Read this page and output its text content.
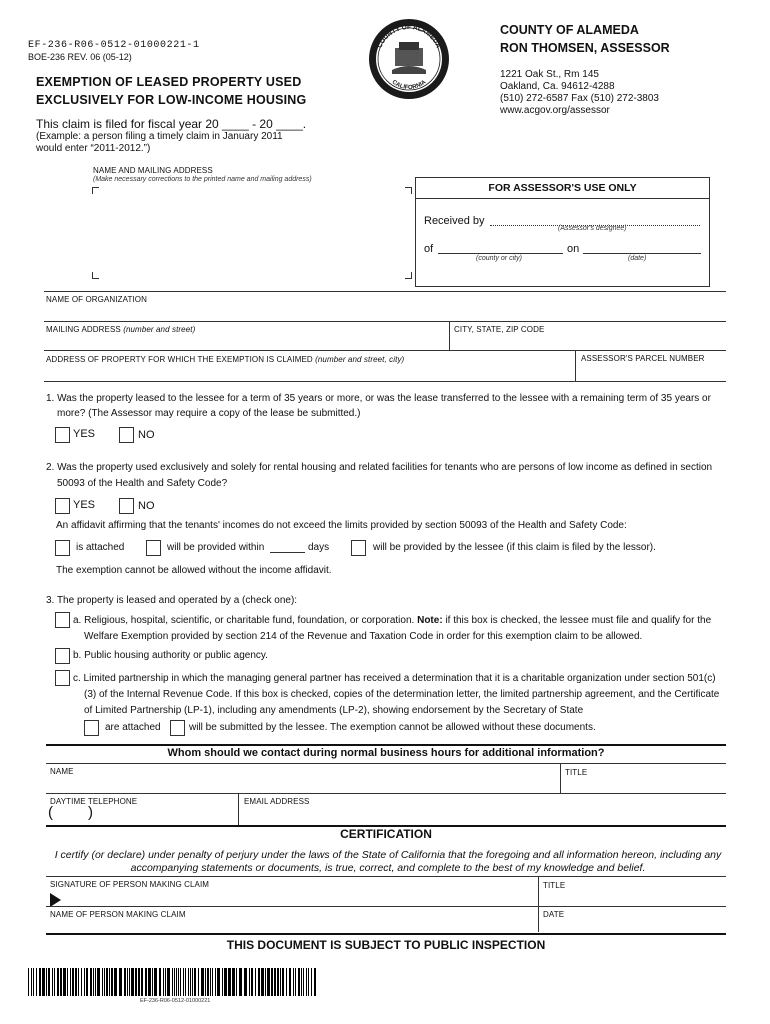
EF-236-R06-0512-01000221-1
BOE-236 REV. 06 (05-12)
EXEMPTION OF LEASED PROPERTY USED
EXCLUSIVELY FOR LOW-INCOME HOUSING
This claim is filed for fiscal year 20 ____ - 20 ____.
(Example: a person filing a timely claim in January 2011
would enter “2011-2012.”)
COUNTY OF ALAMEDA
CALIFORNIA
COUNTY OF ALAMEDA
RON THOMSEN, ASSESSOR
1221 Oak St., Rm 145
Oakland, Ca. 94612-4288
(510) 272-6587 Fax (510) 272-3803
www.acgov.org/assessor
NAME AND MAILING ADDRESS
(Make necessary corrections to the printed name and mailing address)
FOR ASSESSOR'S USE ONLY
Received by
(Assessor's designee)
of	on
(county or city)	(date)
NAME OF ORGANIZATION
MAILING ADDRESS (number and street)	CITY, STATE, ZIP CODE
ADDRESS OF PROPERTY FOR WHICH THE EXEMPTION IS CLAIMED (number and street, city)	ASSESSOR'S PARCEL NUMBER
1. Was the property leased to the lessee for a term of 35 years or more, or was the lease transferred to the lessee with a remaining term of 35 years or
more? (The Assessor may require a copy of the lease be submitted.)
YES	NO
2. Was the property used exclusively and solely for rental housing and related facilities for tenants who are persons of low income as defined in section
50093 of the Health and Safety Code?
YES	NO
An affidavit affirming that the tenants' incomes do not exceed the limits provided by section 50093 of the Health and Safety Code:
is attached	will be provided within	days	will be provided by the lessee (if this claim is filed by the lessor).
The exemption cannot be allowed without the income affidavit.
3. The property is leased and operated by a (check one):
a. Religious, hospital, scientific, or charitable fund, foundation, or corporation. Note: if this box is checked, the lessee must file and qualify for the
Welfare Exemption provided by section 214 of the Revenue and Taxation Code in order for this exemption claim to be allowed.
b. Public housing authority or public agency.
c. Limited partnership in which the managing general partner has received a determination that it is a charitable organization under section 501(c)
(3) of the Internal Revenue Code. If this box is checked, copies of the determination letter, the limited partnership agreement, and the Certificate
of Limited Partnership (LP-1), including any amendments (LP-2), showing endorsement by the Secretary of State
are attached	will be submitted by the lessee. The exemption cannot be allowed without these documents.
Whom should we contact during normal business hours for additional information?
NAME	TITLE
DAYTIME TELEPHONE
( )
EMAIL ADDRESS
CERTIFICATION
I certify (or declare) under penalty of perjury under the laws of the State of California that the foregoing and all information hereon, including any
accompanying statements or documents, is true, correct, and complete to the best of my knowledge and belief.
SIGNATURE OF PERSON MAKING CLAIM	TITLE
NAME OF PERSON MAKING CLAIM	DATE
THIS DOCUMENT IS SUBJECT TO PUBLIC INSPECTION
EF-236-R06-0512-01000221
